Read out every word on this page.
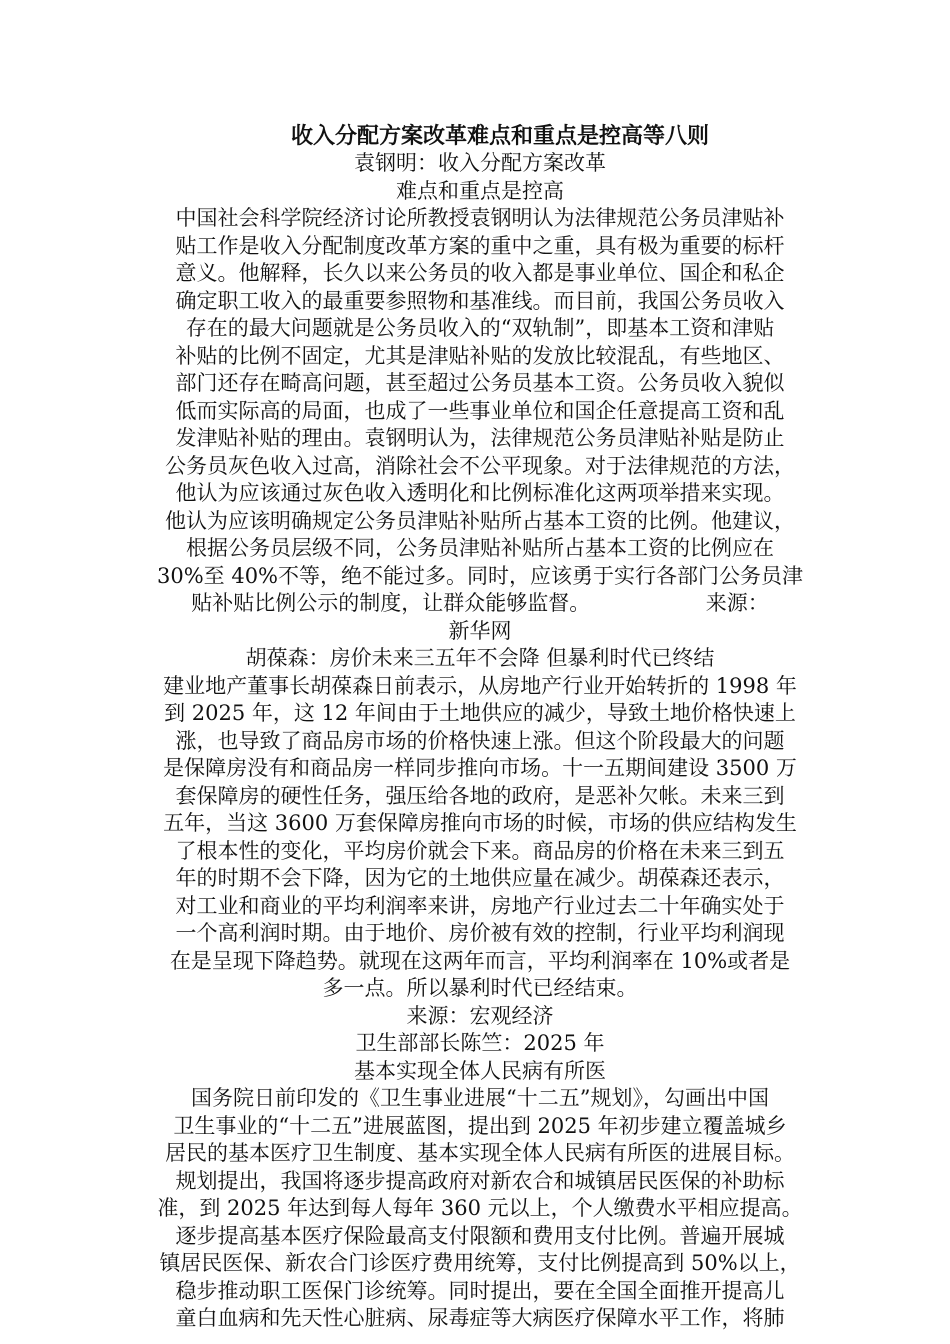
收入分配方案改革难点和重点是控高等八则
袁钢明：收入分配方案改革
难点和重点是控高
中国社会科学院经济讨论所教授袁钢明认为法律规范公务员津贴补
贴工作是收入分配制度改革方案的重中之重，具有极为重要的标杆
意义。他解释，长久以来公务员的收入都是事业单位、国企和私企
确定职工收入的最重要参照物和基准线。而目前，我国公务员收入
存在的最大问题就是公务员收入的“双轨制”，即基本工资和津贴
补贴的比例不固定，尤其是津贴补贴的发放比较混乱，有些地区、
部门还存在畸高问题，甚至超过公务员基本工资。公务员收入貌似
低而实际高的局面，也成了一些事业单位和国企任意提高工资和乱
发津贴补贴的理由。袁钢明认为，法律规范公务员津贴补贴是防止
公务员灰色收入过高，消除社会不公平现象。对于法律规范的方法，
他认为应该通过灰色收入透明化和比例标准化这两项举措来实现。
他认为应该明确规定公务员津贴补贴所占基本工资的比例。他建议，
根据公务员层级不同，公务员津贴补贴所占基本工资的比例应在
30%至 40%不等，绝不能过多。同时，应该勇于实行各部门公务员津
贴补贴比例公示的制度，让群众能够监督。　　　　　　来源：
新华网
胡葆森：房价未来三五年不会降 但暴利时代已终结
建业地产董事长胡葆森日前表示，从房地产行业开始转折的 1998 年
到 2025 年，这 12 年间由于土地供应的减少，导致土地价格快速上
涨，也导致了商品房市场的价格快速上涨。但这个阶段最大的问题
是保障房没有和商品房一样同步推向市场。十一五期间建设 3500 万
套保障房的硬性任务，强压给各地的政府，是恶补欠帐。未来三到
五年，当这 3600 万套保障房推向市场的时候，市场的供应结构发生
了根本性的变化，平均房价就会下来。商品房的价格在未来三到五
年的时期不会下降，因为它的土地供应量在减少。胡葆森还表示，
对工业和商业的平均利润率来讲，房地产行业过去二十年确实处于
一个高利润时期。由于地价、房价被有效的控制，行业平均利润现
在是呈现下降趋势。就现在这两年而言，平均利润率在 10%或者是
多一点。所以暴利时代已经结束。
来源：宏观经济
卫生部部长陈竺：2025 年
基本实现全体人民病有所医
国务院日前印发的《卫生事业进展“十二五”规划》，勾画出中国
卫生事业的“十二五”进展蓝图，提出到 2025 年初步建立覆盖城乡
居民的基本医疗卫生制度、基本实现全体人民病有所医的进展目标。
规划提出，我国将逐步提高政府对新农合和城镇居民医保的补助标
准，到 2025 年达到每人每年 360 元以上，个人缴费水平相应提高。
逐步提高基本医疗保险最高支付限额和费用支付比例。普遍开展城
镇居民医保、新农合门诊医疗费用统筹，支付比例提高到 50%以上，
稳步推动职工医保门诊统筹。同时提出，要在全国全面推开提高儿
童白血病和先天性心脏病、尿毒症等大病医疗保障水平工作，将肺
